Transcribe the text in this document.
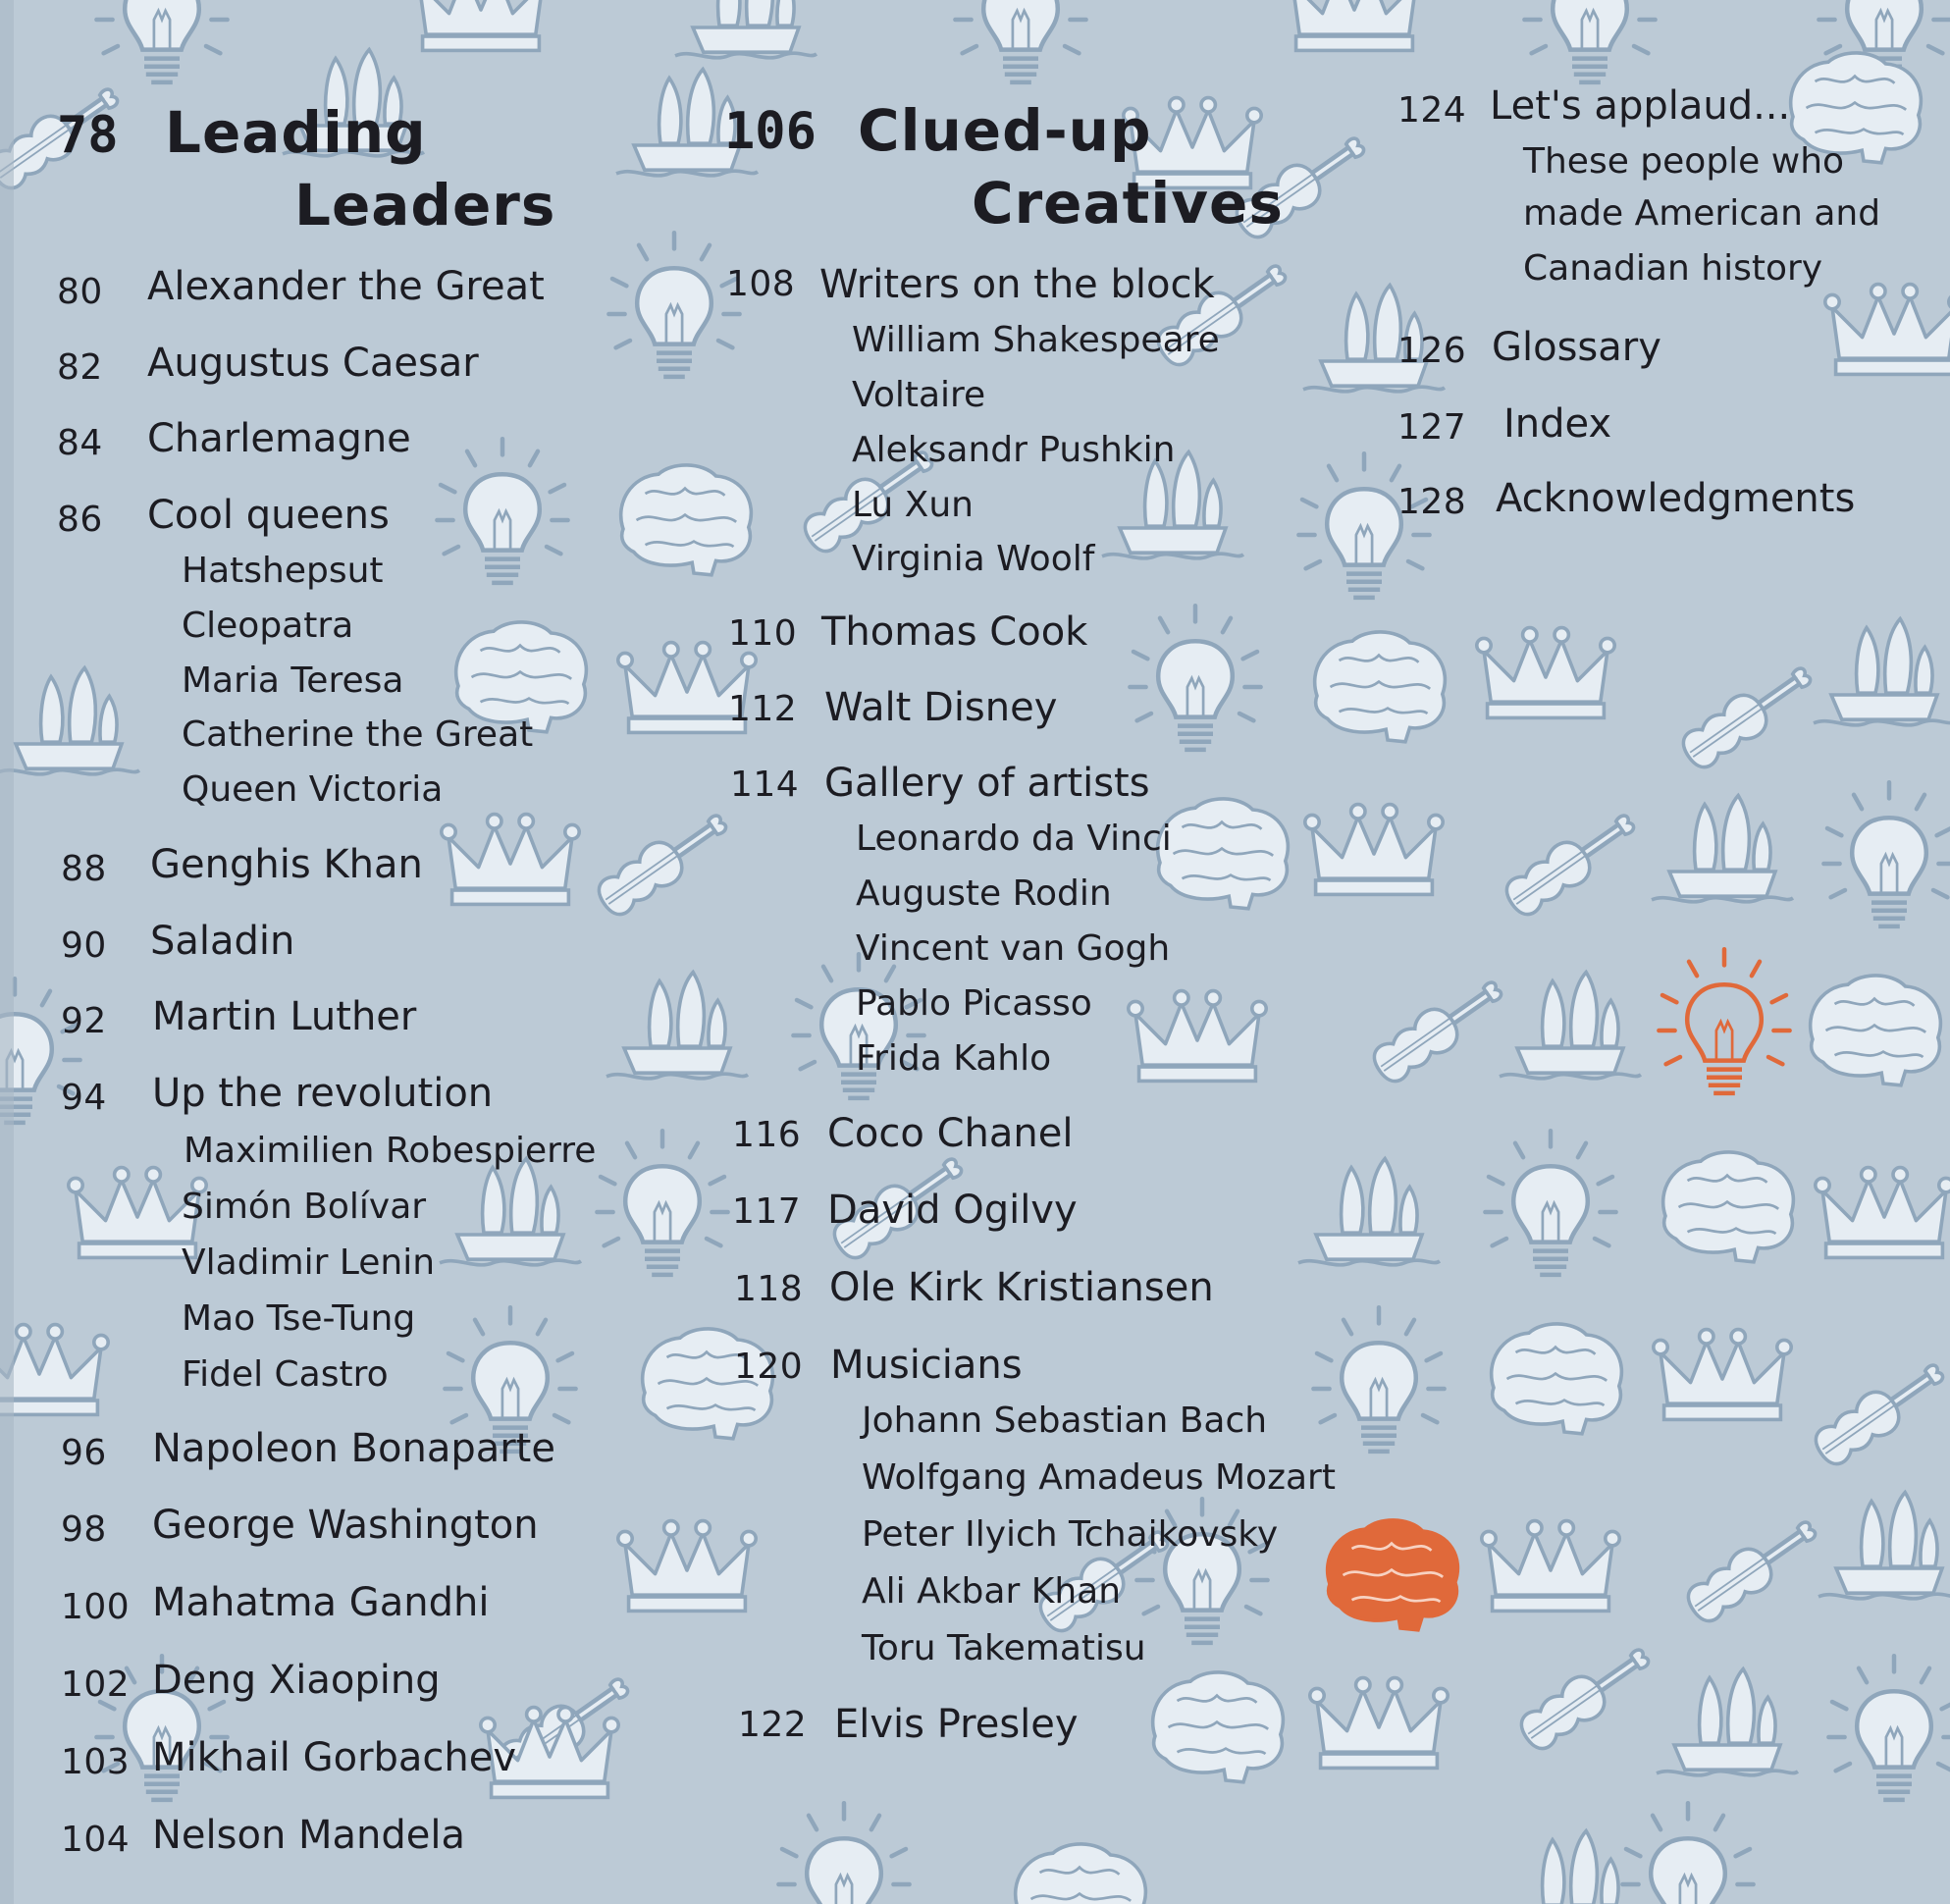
78 Leading
Leaders
80 Alexander the Great
82 Augustus Caesar
84 Charlemagne
86 Cool queens
Hatshepsut
Cleopatra
Maria Teresa
Catherine the Great
Queen Victoria
88 Genghis Khan
90 Saladin
92 Martin Luther
94 Up the revolution
Maximilien Robespierre
Simón Bolívar
Vladimir Lenin
Mao Tse-Tung
Fidel Castro
96 Napoleon Bonaparte
98 George Washington
100 Mahatma Gandhi
102 Deng Xiaoping
103 Mikhail Gorbachev
104 Nelson Mandela
106 Clued-up
Creatives
108 Writers on the block
William Shakespeare
Voltaire
Aleksandr Pushkin
Lu Xun
Virginia Woolf
110 Thomas Cook
112 Walt Disney
114 Gallery of artists
Leonardo da Vinci
Auguste Rodin
Vincent van Gogh
Pablo Picasso
Frida Kahlo
116 Coco Chanel
117 David Ogilvy
118 Ole Kirk Kristiansen
120 Musicians
Johann Sebastian Bach
Wolfgang Amadeus Mozart
Peter Ilyich Tchaikovsky
Ali Akbar Khan
Toru Takematisu
122 Elvis Presley
124 Let's applaud...
These people who
made American and
Canadian history
126 Glossary
127 Index
128 Acknowledgments
